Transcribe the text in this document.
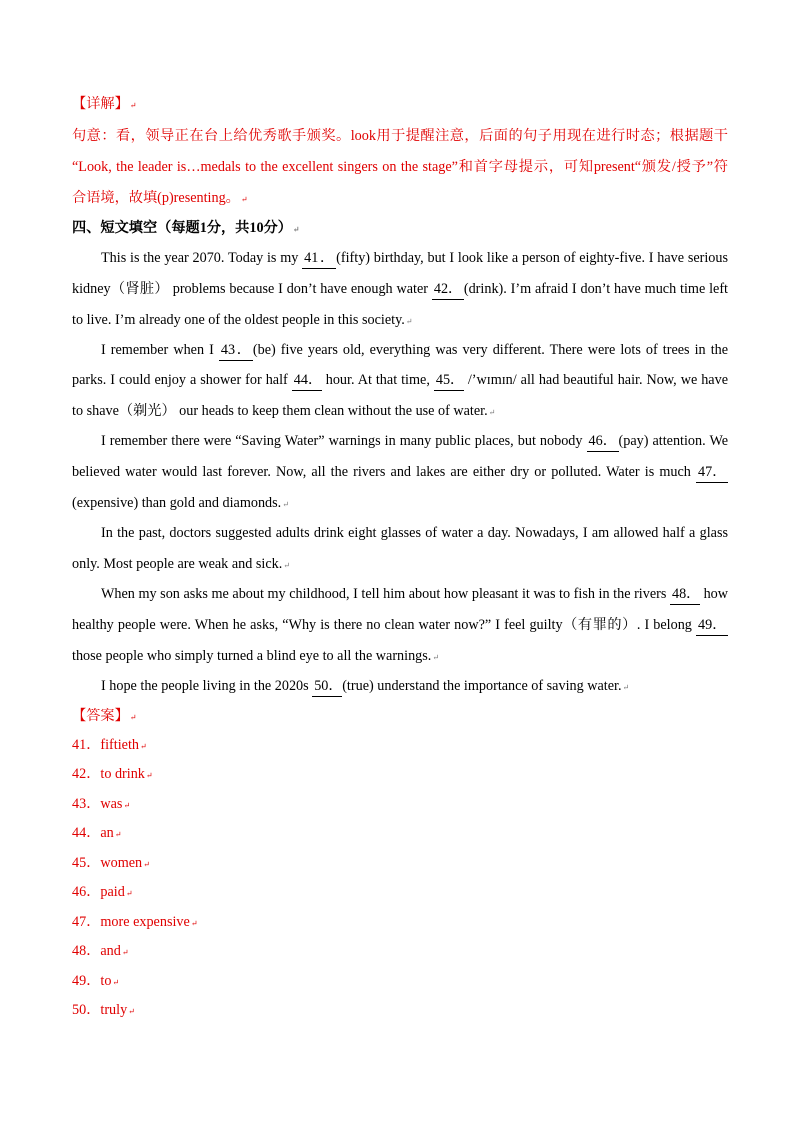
【详解】↵
句意：看，领导正在台上给优秀歌手颁奖。look用于提醒注意，后面的句子用现在进行时态；根据题干
“Look, the leader is…medals to the excellent singers on the stage”和首字母提示，可知present“颁发/授予”符
合语境，故填(p)resenting。↵
四、短文填空（每题1分，共10分）↵
This is the year 2070. Today is my 41． (fifty) birthday, but I look like a person of eighty-five. I have serious
kidney（肾脏） problems because I don’t have enough water 42． (drink). I’m afraid I don’t have much time left
to live. I’m already one of the oldest people in this society.↵
I remember when I 43． (be) five years old, everything was very different. There were lots of trees in the
parks. I could enjoy a shower for half 44． hour. At that time, 45． /’wɪmɪn/ all had beautiful hair. Now, we have
to shave（剃光） our heads to keep them clean without the use of water.↵
I remember there were “Saving Water” warnings in many public places, but nobody 46． (pay) attention. We
believed water would last forever. Now, all the rivers and lakes are either dry or polluted. Water is much 47．
(expensive) than gold and diamonds.↵
In the past, doctors suggested adults drink eight glasses of water a day. Nowadays, I am allowed half a glass
only. Most people are weak and sick.↵
When my son asks me about my childhood, I tell him about how pleasant it was to fish in the rivers 48． how
healthy people were. When he asks, “Why is there no clean water now?” I feel guilty（有罪的）. I belong 49．
those people who simply turned a blind eye to all the warnings.↵
I hope the people living in the 2020s 50．(true) understand the importance of saving water.↵
【答案】↵
41．fiftieth↵
42．to drink↵
43．was↵
44．an↵
45．women↵
46．paid↵
47．more expensive↵
48．and↵
49．to↵
50．truly↵
